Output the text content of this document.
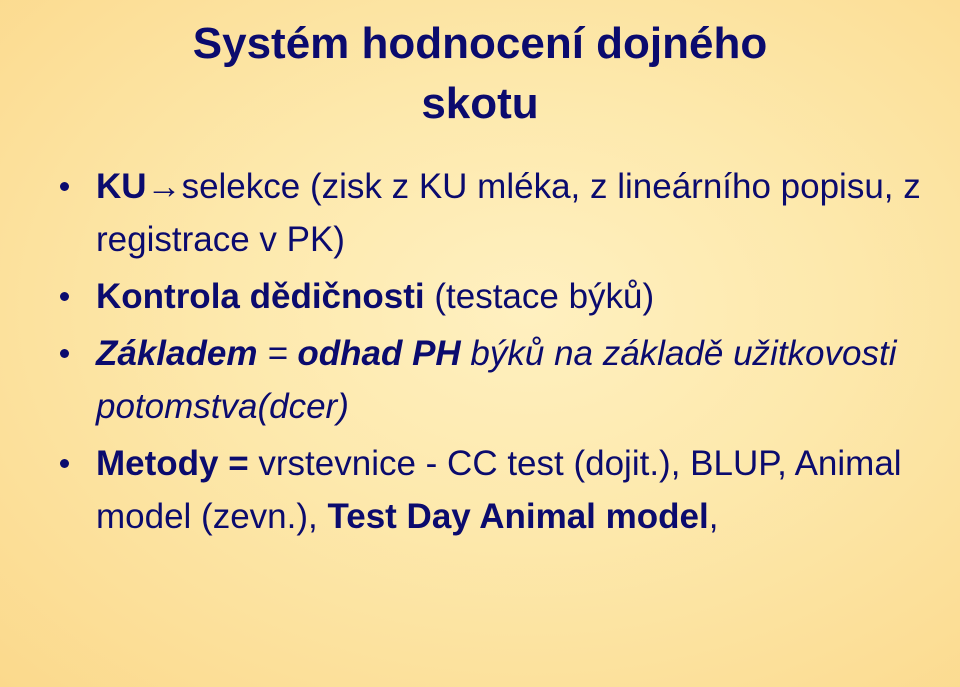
Systém hodnocení dojného
skotu
KU→selekce (zisk z KU mléka, z lineárního popisu, z registrace v PK)
Kontrola dědičnosti (testace býků)
Základem = odhad PH býků na základě užitkovosti potomstva(dcer)
Metody = vrstevnice - CC test (dojit.), BLUP, Animal model (zevn.), Test Day Animal model,
